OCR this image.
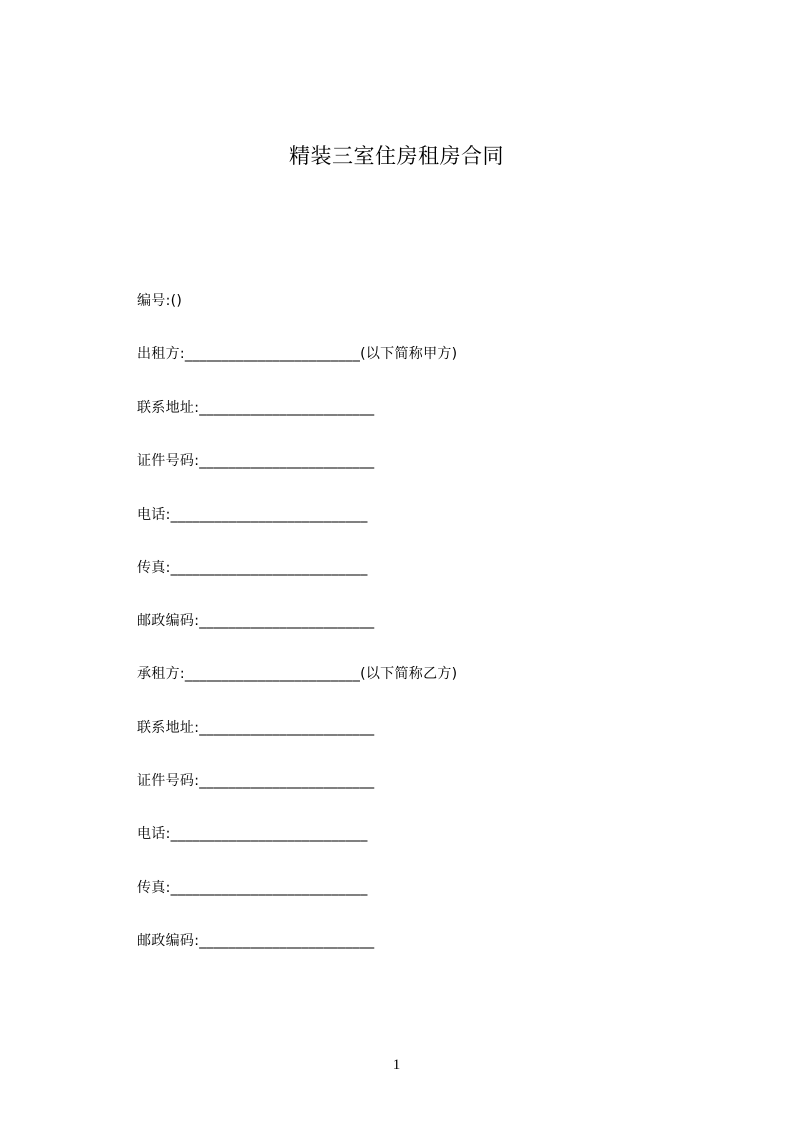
精装三室住房租房合同
编号:()
出租方:________________________(以下简称甲方)
联系地址:________________________
证件号码:________________________
电话:___________________________
传真:___________________________
邮政编码:________________________
承租方:________________________(以下简称乙方)
联系地址:________________________
证件号码:________________________
电话:___________________________
传真:___________________________
邮政编码:________________________
1
